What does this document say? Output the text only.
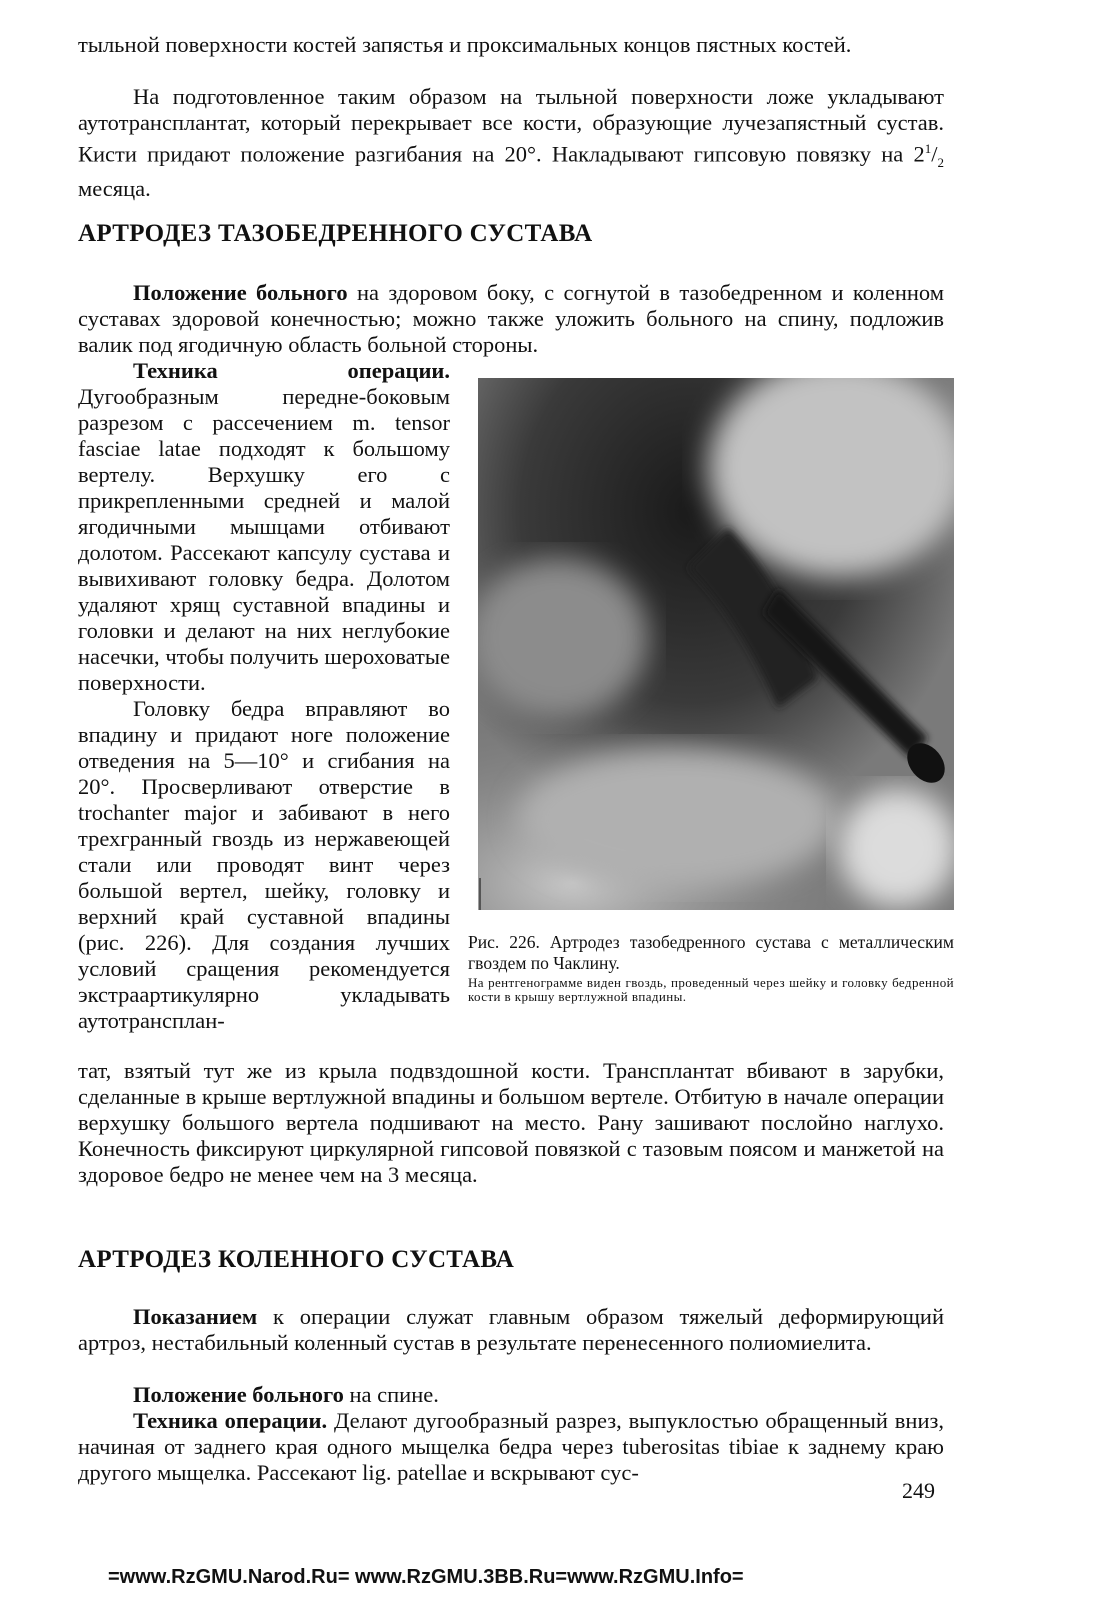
тыльной поверхности костей запястья и проксимальных концов пястных костей.

На подготовленное таким образом на тыльной поверхности ложе укладывают аутотрансплантат, который перекрывает все кости, образующие лучезапястный сустав. Кисти придают положение разгибания на 20°. Накладывают гипсовую повязку на $2^1/_2$ месяца.

АРТРОДЕЗ ТАЗОБЕДРЕННОГО СУСТАВА

Положение больного на здоровом боку, с согнутой в тазобедренном и коленном суставах здоровой конечностью; можно также уложить больного на спину, подложив валик под ягодичную область больной стороны.

Техника операции. Дугообразным передне-боковым разрезом с рассечением m. tensor fasciae latae подходят к большому вертелу. Верхушку его с прикрепленными средней и малой ягодичными мышцами отбивают долотом. Рассекают капсулу сустава и вывихивают головку бедра. Долотом удаляют хрящ суставной впадины и головки и делают на них неглубокие насечки, чтобы получить шероховатые поверхности.

Головку бедра вправляют во впадину и придают ноге положение отведения на 5—10° и сгибания на 20°. Просверливают отверстие в trochanter major и забивают в него трехгранный гвоздь из нержавеющей стали или проводят винт через большой вертел, шейку, головку и верхний край суставной впадины (рис. 226). Для создания лучших условий сращения рекомендуется экстраартикулярно укладывать аутотрансплан-

Рис. 226. Артродез тазобедренного сустава с металлическим гвоздем по Чаклину.
На рентгенограмме виден гвоздь, проведенный через шейку и головку бедренной кости в крышу вертлужной впадины.

тат, взятый тут же из крыла подвздошной кости. Трансплантат вбивают в зарубки, сделанные в крыше вертлужной впадины и большом вертеле. Отбитую в начале операции верхушку большого вертела подшивают на место. Рану зашивают послойно наглухо. Конечность фиксируют циркулярной гипсовой повязкой с тазовым поясом и манжетой на здоровое бедро не менее чем на 3 месяца.

АРТРОДЕЗ КОЛЕННОГО СУСТАВА

Показанием к операции служат главным образом тяжелый деформирующий артроз, нестабильный коленный сустав в результате перенесенного полиомиелита.

Положение больного на спине.

Техника операции. Делают дугообразный разрез, выпуклостью обращенный вниз, начиная от заднего края одного мыщелка бедра через tuberositas tibiae к заднему краю другого мыщелка. Рассекают lig. patellae и вскрывают сус-

249
=www.RzGMU.Narod.Ru= www.RzGMU.3BB.Ru=www.RzGMU.Info=
